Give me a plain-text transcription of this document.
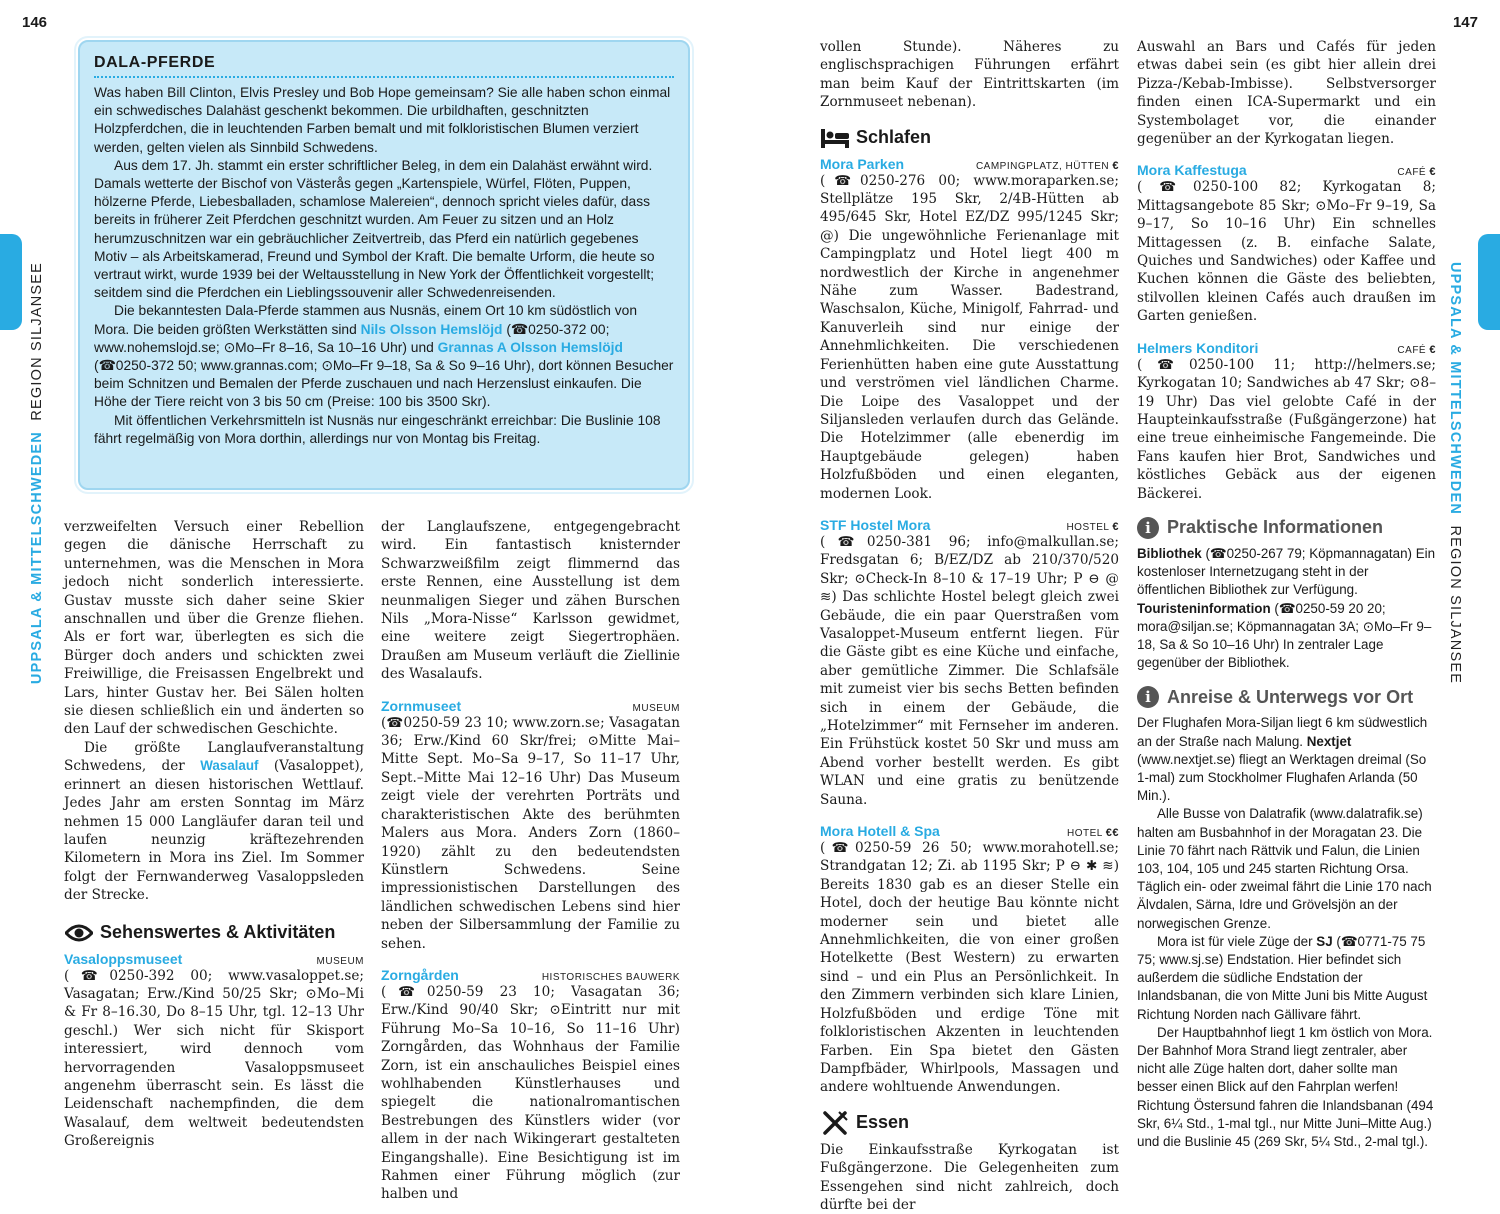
146	147
UPPSALA & MITTELSCHWEDEN  REGION SILJANSEE	UPPSALA & MITTELSCHWEDEN  REGION SILJANSEE
DALA-PFERDE

Was haben Bill Clinton, Elvis Presley und Bob Hope gemeinsam? Sie alle haben schon einmal ein schwedisches Dalahäst geschenkt bekommen. Die urbildhaften, geschnitzten Holzpferdchen, die in leuchtenden Farben bemalt und mit folkloristischen Blumen verziert werden, gelten vielen als Sinnbild Schwedens.

Aus dem 17. Jh. stammt ein erster schriftlicher Beleg, in dem ein Dalahäst erwähnt wird. Damals wetterte der Bischof von Västerås gegen „Kartenspiele, Würfel, Flöten, Puppen, hölzerne Pferde, Liebesballaden, schamlose Malereien“, dennoch spricht vieles dafür, dass bereits in früherer Zeit Pferdchen geschnitzt wurden. Am Feuer zu sitzen und an Holz herumzuschnitzen war ein gebräuchlicher Zeitvertreib, das Pferd ein natürlich gegebenes Motiv – als Arbeitskamerad, Freund und Symbol der Kraft. Die bemalte Urform, die heute so vertraut wirkt, wurde 1939 bei der Weltausstellung in New York der Öffentlichkeit vorgestellt; seitdem sind die Pferdchen ein Lieblingssouvenir aller Schwedenreisenden.

Die bekanntesten Dala-Pferde stammen aus Nusnäs, einem Ort 10 km südöstlich von Mora. Die beiden größten Werkstätten sind Nils Olsson Hemslöjd (☎0250-372 00; www.nohemslojd.se; ⊙Mo–Fr 8–16, Sa 10–16 Uhr) und Grannas A Olsson Hemslöjd (☎0250-372 50; www.grannas.com; ⊙Mo–Fr 9–18, Sa & So 9–16 Uhr), dort können Besucher beim Schnitzen und Bemalen der Pferde zuschauen und nach Herzenslust einkaufen. Die Höhe der Tiere reicht von 3 bis 50 cm (Preise: 100 bis 3500 Skr).

Mit öffentlichen Verkehrsmitteln ist Nusnäs nur eingeschränkt erreichbar: Die Buslinie 108 fährt regelmäßig von Mora dorthin, allerdings nur von Montag bis Freitag.

verzweifelten Versuch einer Rebellion gegen die dänische Herrschaft zu unternehmen, was die Menschen in Mora jedoch nicht sonderlich interessierte. Gustav musste sich daher seine Skier anschnallen und über die Grenze fliehen. Als er fort war, überlegten es sich die Bürger doch anders und schickten zwei Freiwillige, die Freisassen Engelbrekt und Lars, hinter Gustav her. Bei Sälen holten sie diesen schließlich ein und änderten so den Lauf der schwedischen Geschichte.

Die größte Langlaufveranstaltung Schwedens, der Wasalauf (Vasaloppet), erinnert an diesen historischen Wettlauf. Jedes Jahr am ersten Sonntag im März nehmen 15 000 Langläufer daran teil und laufen neunzig kräftezehrenden Kilometern in Mora ins Ziel. Im Sommer folgt der Fernwanderweg Vasaloppsleden der Strecke.

Sehenswertes & Aktivitäten
Vasaloppsmuseet	MUSEUM

(☎0250-392 00; www.vasaloppet.se; Vasagatan; Erw./Kind 50/25 Skr; ⊙Mo–Mi & Fr 8–16.30, Do 8–15 Uhr, tgl. 12–13 Uhr geschl.) Wer sich nicht für Skisport interessiert, wird dennoch vom hervorragenden Vasaloppsmuseet angenehm überrascht sein. Es lässt die Leidenschaft nachempfinden, die dem Wasalauf, dem weltweit bedeutendsten Großereignis

der Langlaufszene, entgegengebracht wird. Ein fantastisch knisternder Schwarzweißfilm zeigt flimmernd das erste Rennen, eine Ausstellung ist dem neunmaligen Sieger und zähen Burschen Nils „Mora-Nisse“ Karlsson gewidmet, eine weitere zeigt Siegertrophäen. Draußen am Museum verläuft die Ziellinie des Wasalaufs.

Zornmuseet	MUSEUM

(☎0250-59 23 10; www.zorn.se; Vasagatan 36; Erw./Kind 60 Skr/frei; ⊙Mitte Mai–Mitte Sept. Mo–Sa 9–17, So 11–17 Uhr, Sept.–Mitte Mai 12–16 Uhr) Das Museum zeigt viele der verehrten Porträts und charakteristischen Akte des berühmten Malers aus Mora. Anders Zorn (1860–1920) zählt zu den bedeutendsten Künstlern Schwedens. Seine impressionistischen Darstellungen des ländlichen schwedischen Lebens sind hier neben der Silbersammlung der Familie zu sehen.

Zorngården	HISTORISCHES BAUWERK

(☎0250-59 23 10; Vasagatan 36; Erw./Kind 90/40 Skr; ⊙Eintritt nur mit Führung Mo–Sa 10–16, So 11–16 Uhr) Zorngården, das Wohnhaus der Familie Zorn, ist ein anschauliches Beispiel eines wohlhabenden Künstlerhauses und spiegelt die nationalromantischen Bestrebungen des Künstlers wider (vor allem in der nach Wikingerart gestalteten Eingangshalle). Eine Besichtigung ist im Rahmen einer Führung möglich (zur halben und

vollen Stunde). Näheres zu englischsprachigen Führungen erfährt man beim Kauf der Eintrittskarten (im Zornmuseet nebenan).

Schlafen
Mora Parken	CAMPINGPLATZ, HÜTTEN €

(☎0250-276 00; www.moraparken.se; Stellplätze 195 Skr, 2/4B-Hütten ab 495/645 Skr, Hotel EZ/DZ 995/1245 Skr; @) Die ungewöhnliche Ferienanlage mit Campingplatz und Hotel liegt 400 m nordwestlich der Kirche in angenehmer Nähe zum Wasser. Badestrand, Waschsalon, Küche, Minigolf, Fahrrad- und Kanuverleih sind nur einige der Annehmlichkeiten. Die verschiedenen Ferienhütten haben eine gute Ausstattung und verströmen viel ländlichen Charme. Die Loipe des Vasaloppet und der Siljansleden verlaufen durch das Gelände. Die Hotelzimmer (alle ebenerdig im Hauptgebäude gelegen) haben Holzfußböden und einen eleganten, modernen Look.

STF Hostel Mora	HOSTEL €

(☎0250-381 96; info@malkullan.se; Fredsgatan 6; B/EZ/DZ ab 210/370/520 Skr; ⊙Check-In 8–10 & 17–19 Uhr; P ⊖ @ ≋) Das schlichte Hostel belegt gleich zwei Gebäude, die ein paar Querstraßen vom Vasaloppet-Museum entfernt liegen. Für die Gäste gibt es eine Küche und einfache, aber gemütliche Zimmer. Die Schlafsäle mit zumeist vier bis sechs Betten befinden sich in einem der Gebäude, die „Hotelzimmer“ mit Fernseher im anderen. Ein Frühstück kostet 50 Skr und muss am Abend vorher bestellt werden. Es gibt WLAN und eine gratis zu benützende Sauna.

Mora Hotell & Spa	HOTEL €€

(☎0250-59 26 50; www.morahotell.se; Strandgatan 12; Zi. ab 1195 Skr; P ⊖ ✱ ≋) Bereits 1830 gab es an dieser Stelle ein Hotel, doch der heutige Bau könnte nicht moderner sein und bietet alle Annehmlichkeiten, die von einer großen Hotelkette (Best Western) zu erwarten sind – und ein Plus an Persönlichkeit. In den Zimmern verbinden sich klare Linien, Holzfußböden und erdige Töne mit folkloristischen Akzenten in leuchtenden Farben. Ein Spa bietet den Gästen Dampfbäder, Whirlpools, Massagen und andere wohltuende Anwendungen.

Essen

Die Einkaufsstraße Kyrkogatan ist Fußgängerzone. Die Gelegenheiten zum Essengehen sind nicht zahlreich, doch dürfte bei der

Auswahl an Bars und Cafés für jeden etwas dabei sein (es gibt hier allein drei Pizza-/Kebab-Imbisse). Selbstversorger finden einen ICA-Supermarkt und ein Systembolaget vor, die einander gegenüber an der Kyrkogatan liegen.

Mora Kaffestuga	CAFÉ €

(☎0250-100 82; Kyrkogatan 8; Mittagsangebote 85 Skr; ⊙Mo–Fr 9–19, Sa 9–17, So 10–16 Uhr) Ein schnelles Mittagessen (z. B. einfache Salate, Quiches und Sandwiches) oder Kaffee und Kuchen können die Gäste des beliebten, stilvollen kleinen Cafés auch draußen im Garten genießen.

Helmers Konditori	CAFÉ €

(☎0250-100 11; http://helmers.se; Kyrkogatan 10; Sandwiches ab 47 Skr; ⊙8–19 Uhr) Das viel gelobte Café in der Haupteinkaufsstraße (Fußgängerzone) hat eine treue einheimische Fangemeinde. Die Fans kaufen hier Brot, Sandwiches und köstliches Gebäck aus der eigenen Bäckerei.

i Praktische Informationen

Bibliothek (☎0250-267 79; Köpmannagatan) Ein kostenloser Internetzugang steht in der öffentlichen Bibliothek zur Verfügung.

Touristeninformation (☎0250-59 20 20; mora@siljan.se; Köpmannagatan 3A; ⊙Mo–Fr 9–18, Sa & So 10–16 Uhr) In zentraler Lage gegenüber der Bibliothek.

i Anreise & Unterwegs vor Ort

Der Flughafen Mora-Siljan liegt 6 km südwestlich an der Straße nach Malung. Nextjet (www.nextjet.se) fliegt an Werktagen dreimal (So 1-mal) zum Stockholmer Flughafen Arlanda (50 Min.).

Alle Busse von Dalatrafik (www.dalatrafik.se) halten am Busbahnhof in der Moragatan 23. Die Linie 70 fährt nach Rättvik und Falun, die Linien 103, 104, 105 und 245 starten Richtung Orsa. Täglich ein- oder zweimal fährt die Linie 170 nach Älvdalen, Särna, Idre und Grövelsjön an der norwegischen Grenze.

Mora ist für viele Züge der SJ (☎0771-75 75 75; www.sj.se) Endstation. Hier befindet sich außerdem die südliche Endstation der Inlandsbanan, die von Mitte Juni bis Mitte August Richtung Norden nach Gällivare fährt.

Der Hauptbahnhof liegt 1 km östlich von Mora. Der Bahnhof Mora Strand liegt zentraler, aber nicht alle Züge halten dort, daher sollte man besser einen Blick auf den Fahrplan werfen! Richtung Östersund fahren die Inlandsbanan (494 Skr, 6¼ Std., 1-mal tgl., nur Mitte Juni–Mitte Aug.) und die Buslinie 45 (269 Skr, 5¼ Std., 2-mal tgl.).
